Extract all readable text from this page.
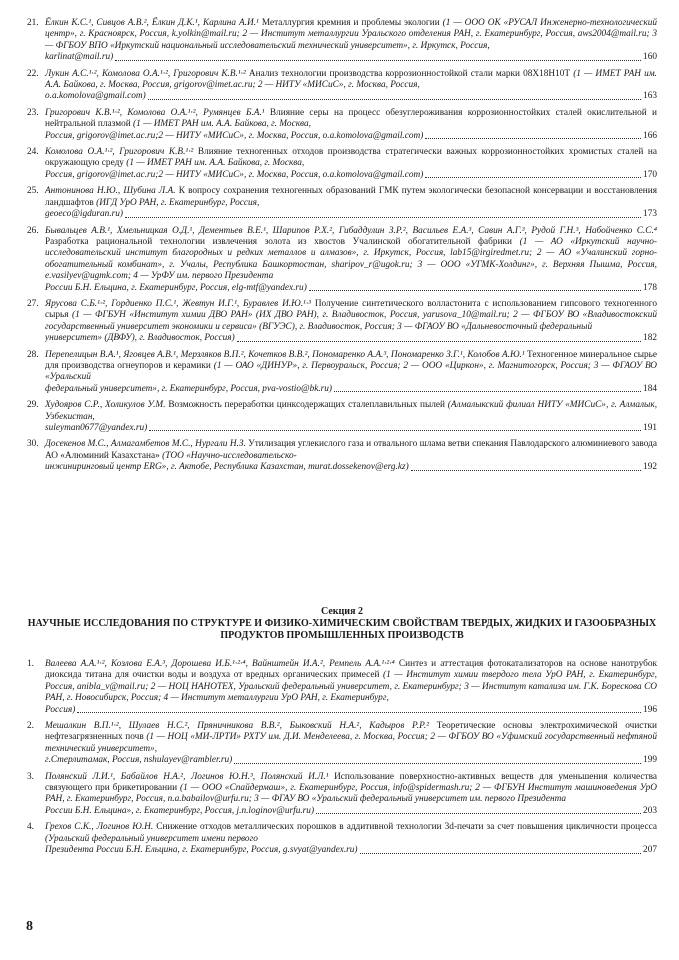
21. Ёлкин К.С.¹, Сивцов А.В.², Ёлкин Д.К.¹, Карлина А.И.¹ Металлургия кремния и проблемы экологии (1 — ООО ОК «РУСАЛ Инженерно-технологический центр», г. Красноярск, Россия, k.yolkin@mail.ru; 2 — Институт металлургии Уральского отделения РАН, г. Екатеринбург, Россия, aws2004@mail.ru; 3 — ФГБОУ ВПО «Иркутский национальный исследовательский технический университет», г. Иркутск, Россия,
karlinat@mail.ru)	160
22. Лукин А.С.¹·², Комолова О.А.¹·², Григорович К.В.¹·² Анализ технологии производства коррозионностойкой стали марки 08Х18Н10Т (1 — ИМЕТ РАН им. А.А. Байкова, г. Москва, Россия, grigorov@imet.ac.ru; 2 — НИТУ «МИСиС», г. Москва, Россия,
o.a.komolova@gmail.com)	163
23. Григорович К.В.¹·², Комолова О.А.¹·², Румянцев Б.А.¹ Влияние серы на процесс обезуглероживания коррозионностойких сталей окислительной и нейтральной плазмой (1 — ИМЕТ РАН им. А.А. Байкова, г. Москва,
Россия, grigorov@imet.ac.ru;2 — НИТУ «МИСиС», г. Москва, Россия, o.a.komolova@gmail.com)	166
24. Комолова О.А.¹·², Григорович К.В.¹·² Влияние техногенных отходов производства стратегически важных коррозионностойких хромистых сталей на окружающую среду (1 — ИМЕТ РАН им. А.А. Байкова, г. Москва,
Россия, grigorov@imet.ac.ru;2 — НИТУ «МИСиС», г. Москва, Россия, o.a.komolova@gmail.com)	170
25. Антонинова Н.Ю., Шубина Л.А. К вопросу сохранения техногенных образований ГМК путем экологически безопасной консервации и восстановления ландшафтов (ИГД УрО РАН, г. Екатеринбург, Россия,
geoeco@igduran.ru)	173
26. Бывальцев А.В.¹, Хмельницкая О.Д.¹, Дементьев В.Е.¹, Шарипов Р.Х.², Гибаддулин З.Р.², Васильев Е.А.³, Савин А.Г.³, Рудой Г.Н.³, Набойченко С.С.⁴ Разработка рациональной технологии извлечения золота из хвостов Учалинской обогатительной фабрики (1 — АО «Иркутский научно-исследовательский институт благородных и редких металлов и алмазов», г. Иркутск, Россия, lab15@irgiredmet.ru; 2 — АО «Учалинский горно-обогатительный комбинат», г. Учалы, Республика Башкортостан, sharipov_r@ugok.ru; 3 — ООО «УГМК-Холдинг», г. Верхняя Пышма, Россия, e.vasilyev@ugmk.com; 4 — УрФУ им. первого Президента
России Б.Н. Ельцина, г. Екатеринбург, Россия, elg-mtf@yandex.ru)	178
27. Ярусова С.Б.¹·², Гордиенко П.С.¹, Жевтун И.Г.¹, Буравлев И.Ю.¹·³ Получение синтетического волластонита с использованием гипсового техногенного сырья (1 — ФГБУН «Институт химии ДВО РАН» (ИХ ДВО РАН), г. Владивосток, Россия, yarusova_10@mail.ru; 2 — ФГБОУ ВО «Владивостокский государственный университет экономики и сервиса» (ВГУЭС), г. Владивосток, Россия; 3 — ФГАОУ ВО «Дальневосточный федеральный
университет» (ДВФУ), г. Владивосток, Россия)	182
28. Перепелицын В.А.¹, Яговцев А.В.¹, Мерзляков В.П.², Кочетков В.В.², Пономаренко А.А.³, Пономаренко З.Г.¹, Колобов А.Ю.¹ Техногенное минеральное сырье для производства огнеупоров и керамики (1 — ОАО «ДИНУР», г. Первоуральск, Россия; 2 — ООО «Циркон», г. Магнитогорск, Россия; 3 — ФГАОУ ВО «Уральский
федеральный университет», г. Екатеринбург, Россия, pva-vostio@bk.ru)	184
29. Худояров С.Р., Холикулов У.М. Возможность переработки цинксодержащих сталеплавильных пылей (Алмалыкский филиал НИТУ «МИСиС», г. Алмалык, Узбекистан,
suleyman0677@yandex.ru)	191
30. Досекенов М.С., Алмагамбетов М.С., Нургали Н.З. Утилизация углекислого газа и отвального шлама ветви спекания Павлодарского алюминиевого завода АО «Алюминий Казахстана» (ТОО «Научно-исследовательско-
инжиниринговый центр ERG», г. Актобе, Республика Казахстан, murat.dossekenov@erg.kz)	192
Секция 2
НАУЧНЫЕ ИССЛЕДОВАНИЯ ПО СТРУКТУРЕ И ФИЗИКО-ХИМИЧЕСКИМ СВОЙСТВАМ ТВЕРДЫХ, ЖИДКИХ И ГАЗООБРАЗНЫХ ПРОДУКТОВ ПРОМЫШЛЕННЫХ ПРОИЗВОДСТВ
1. Валеева А.А.¹·², Козлова Е.А.³, Дорошева И.Б.¹·²·⁴, Вайнштейн И.А.², Ремпель А.А.¹·²·⁴ Синтез и аттестация фотокатализаторов на основе нанотрубок диоксида титана для очистки воды и воздуха от вредных органических примесей (1 — Институт химии твердого тела УрО РАН, г. Екатеринбург, Россия, anibla_v@mail.ru; 2 — НОЦ НАНОТЕХ, Уральский федеральный университет, г. Екатеринбург; 3 — Институт катализа им. Г.К. Борескова СО РАН, г. Новосибирск, Россия; 4 — Институт металлургии УрО РАН, г. Екатеринбург,
Россия)	196
2. Мешалкин В.П.¹·², Шулаев Н.С.², Пряничникова В.В.², Быковский Н.А.², Кадыров Р.Р.² Теоретические основы электрохимической очистки нефтезагрязненных почв (1 — НОЦ «МИ-ЛРТИ» РХТУ им. Д.И. Менделеева, г. Москва, Россия; 2 — ФГБОУ ВО «Уфимский государственный нефтяной технический университет»,
г.Стерлитамак, Россия, nshulayev@rambler.ru)	199
3. Полянский Л.И.¹, Бабайлов Н.А.², Логинов Ю.Н.³, Полянский И.Л.¹ Использование поверхностно-активных веществ для уменьшения количества связующего при брикетировании (1 — ООО «Спайдермаш», г. Екатеринбург, Россия, info@spidermash.ru; 2 — ФГБУН Институт машиноведения УрО РАН, г. Екатеринбург, Россия, n.a.babailov@urfu.ru; 3 — ФГАУ ВО «Уральский федеральный университет им. первого Президента
России Б.Н. Ельцина», г. Екатеринбург, Россия, j.n.loginov@urfu.ru)	203
4. Грехов С.К., Логинов Ю.Н. Снижение отходов металлических порошков в аддитивной технологии 3d-печати за счет повышения цикличности процесса (Уральский федеральный университет имени первого
Президента России Б.Н. Ельцина, г. Екатеринбург, Россия, g.svyat@yandex.ru)	207
8
